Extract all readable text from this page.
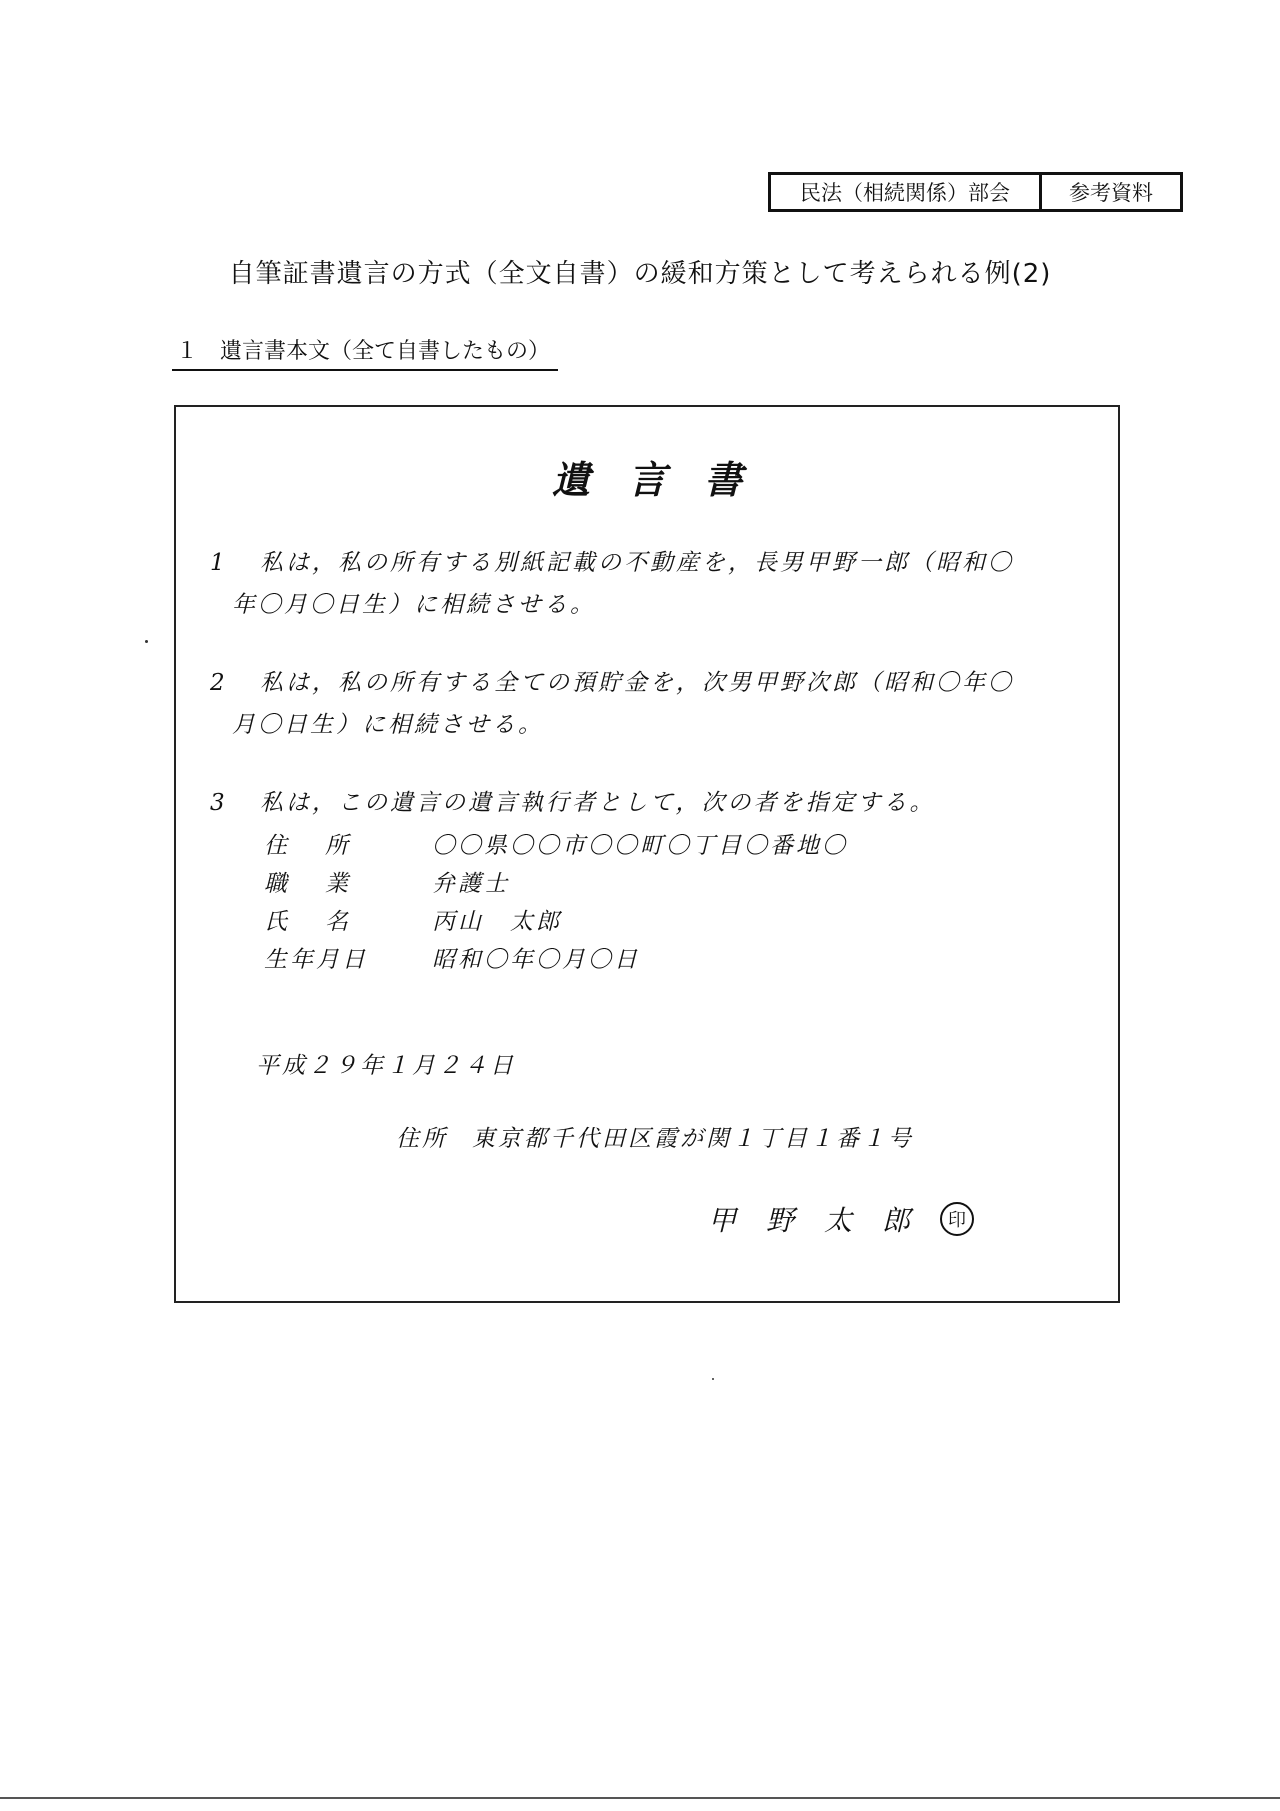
民法（相続関係）部会	参考資料
自筆証書遺言の方式（全文自書）の緩和方策として考えられる例(2)
１　遺言書本文（全て自書したもの）
遺言書
1 私は，私の所有する別紙記載の不動産を，長男甲野一郎（昭和〇
年〇月〇日生）に相続させる。
2 私は，私の所有する全ての預貯金を，次男甲野次郎（昭和〇年〇
月〇日生）に相続させる。
3 私は，この遺言の遺言執行者として，次の者を指定する。
住所 〇〇県〇〇市〇〇町〇丁目〇番地〇
職業 弁護士
氏名 丙山　太郎
生年月日	昭和〇年〇月〇日
平成２９年１月２４日
住所 東京都千代田区霞が関１丁目１番１号
甲野太郎 印
